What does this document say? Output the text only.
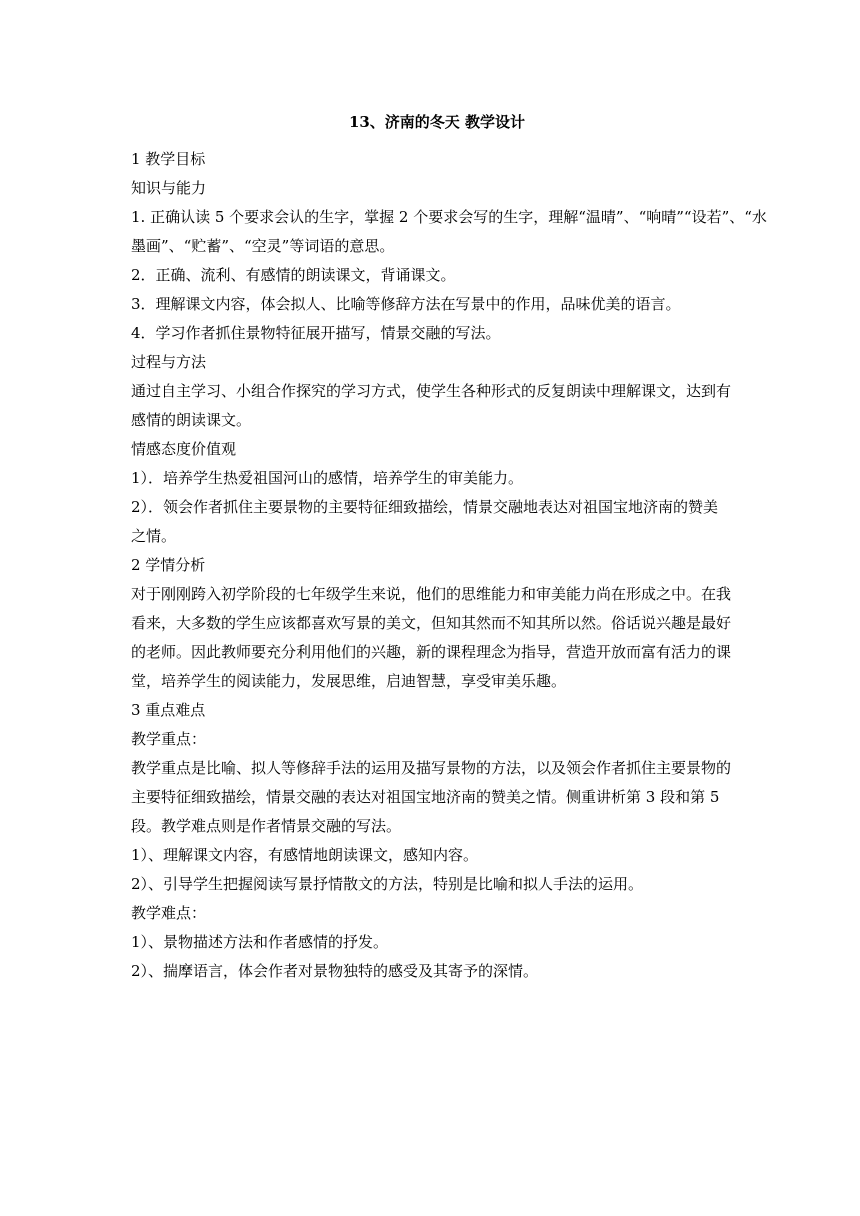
13、济南的冬天 教学设计

1 教学目标

知识与能力

1. 正确认读 5 个要求会认的生字，掌握 2 个要求会写的生字，理解“温晴”、“响晴”“设若”、“水

墨画”、“贮蓄”、“空灵”等词语的意思。

2．正确、流利、有感情的朗读课文，背诵课文。

3．理解课文内容，体会拟人、比喻等修辞方法在写景中的作用，品味优美的语言。

4．学习作者抓住景物特征展开描写，情景交融的写法。

过程与方法

通过自主学习、小组合作探究的学习方式，使学生各种形式的反复朗读中理解课文，达到有

感情的朗读课文。

情感态度价值观

1）．培养学生热爱祖国河山的感情，培养学生的审美能力。

2）．领会作者抓住主要景物的主要特征细致描绘，情景交融地表达对祖国宝地济南的赞美

之情。

2 学情分析

对于刚刚跨入初学阶段的七年级学生来说，他们的思维能力和审美能力尚在形成之中。在我

看来，大多数的学生应该都喜欢写景的美文，但知其然而不知其所以然。俗话说兴趣是最好

的老师。因此教师要充分利用他们的兴趣，新的课程理念为指导，营造开放而富有活力的课

堂，培养学生的阅读能力，发展思维，启迪智慧，享受审美乐趣。

3 重点难点

教学重点：

教学重点是比喻、拟人等修辞手法的运用及描写景物的方法，以及领会作者抓住主要景物的

主要特征细致描绘，情景交融的表达对祖国宝地济南的赞美之情。侧重讲析第 3 段和第 5

段。教学难点则是作者情景交融的写法。

1）、理解课文内容，有感情地朗读课文，感知内容。

2）、引导学生把握阅读写景抒情散文的方法，特别是比喻和拟人手法的运用。

教学难点：

1）、景物描述方法和作者感情的抒发。

2）、揣摩语言，体会作者对景物独特的感受及其寄予的深情。
